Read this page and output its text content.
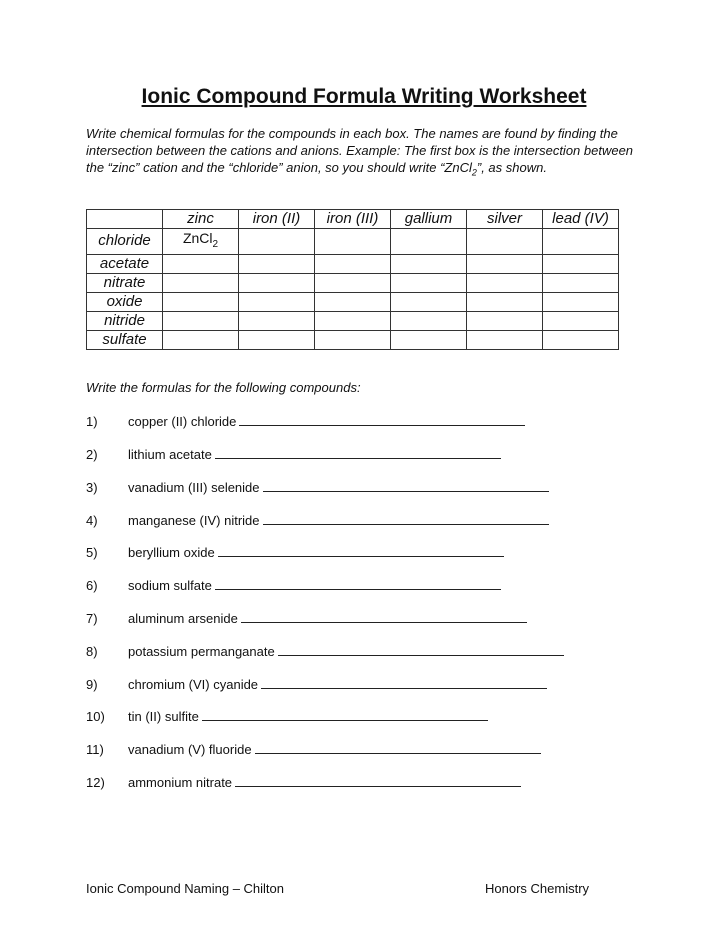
Ionic Compound Formula Writing Worksheet
Write chemical formulas for the compounds in each box. The names are found by finding the intersection between the cations and anions. Example: The first box is the intersection between the “zinc” cation and the “chloride” anion, so you should write “ZnCl$_2$”, as shown.
	zinc	iron (II)	iron (III)	gallium	silver	lead (IV)
chloride	ZnCl$_2$					
acetate						
nitrate						
oxide						
nitride						
sulfate						
Write the formulas for the following compounds:
1) copper (II) chloride
2) lithium acetate
3) vanadium (III) selenide
4) manganese (IV) nitride
5) beryllium oxide
6) sodium sulfate
7) aluminum arsenide
8) potassium permanganate
9) chromium (VI) cyanide
10) tin (II) sulfite
11) vanadium (V) fluoride
12) ammonium nitrate
Ionic Compound Naming – Chilton	Honors Chemistry
